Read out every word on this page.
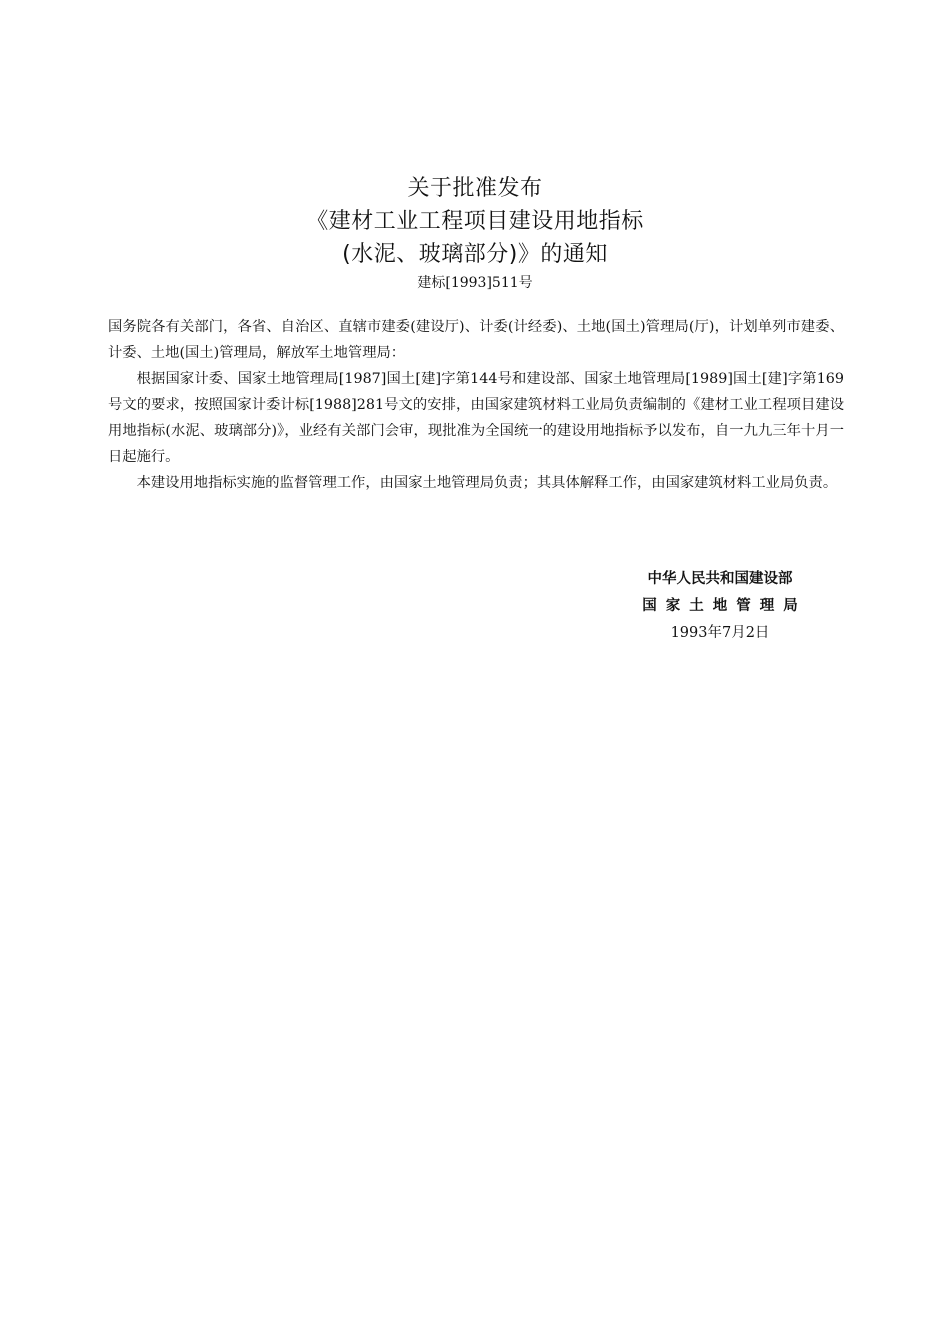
关于批准发布
《建材工业工程项目建设用地指标
(水泥、玻璃部分)》的通知
建标[1993]511号

国务院各有关部门，各省、自治区、直辖市建委(建设厅)、计委(计经委)、土地(国土)管理局(厅)，计划单列市建委、计委、土地(国土)管理局，解放军土地管理局：

根据国家计委、国家土地管理局[1987]国土[建]字第144号和建设部、国家土地管理局[1989]国土[建]字第169号文的要求，按照国家计委计标[1988]281号文的安排，由国家建筑材料工业局负责编制的《建材工业工程项目建设用地指标(水泥、玻璃部分)》，业经有关部门会审，现批准为全国统一的建设用地指标予以发布，自一九九三年十月一日起施行。

本建设用地指标实施的监督管理工作，由国家土地管理局负责；其具体解释工作，由国家建筑材料工业局负责。

中华人民共和国建设部
国家土地管理局
1993年7月2日
